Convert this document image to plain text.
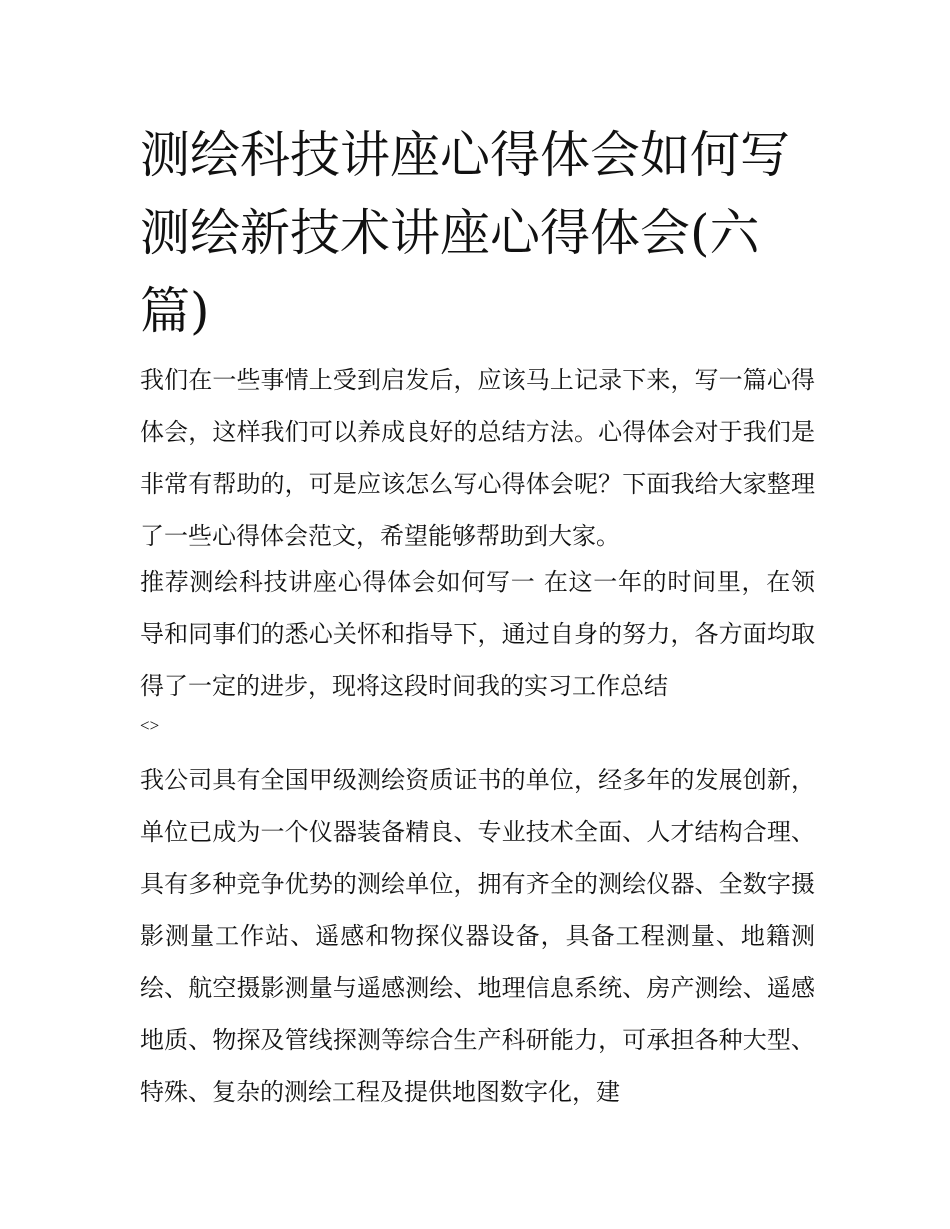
测绘科技讲座心得体会如何写测绘新技术讲座心得体会(六篇)

我们在一些事情上受到启发后，应该马上记录下来，写一篇心得体会，这样我们可以养成良好的总结方法。心得体会对于我们是非常有帮助的，可是应该怎么写心得体会呢？下面我给大家整理了一些心得体会范文，希望能够帮助到大家。

推荐测绘科技讲座心得体会如何写一 在这一年的时间里，在领导和同事们的悉心关怀和指导下，通过自身的努力，各方面均取得了一定的进步，现将这段时间我的实习工作总结

<>

我公司具有全国甲级测绘资质证书的单位，经多年的发展创新，单位已成为一个仪器装备精良、专业技术全面、人才结构合理、具有多种竞争优势的测绘单位，拥有齐全的测绘仪器、全数字摄影测量工作站、遥感和物探仪器设备，具备工程测量、地籍测绘、航空摄影测量与遥感测绘、地理信息系统、房产测绘、遥感地质、物探及管线探测等综合生产科研能力，可承担各种大型、特殊、复杂的测绘工程及提供地图数字化，建
